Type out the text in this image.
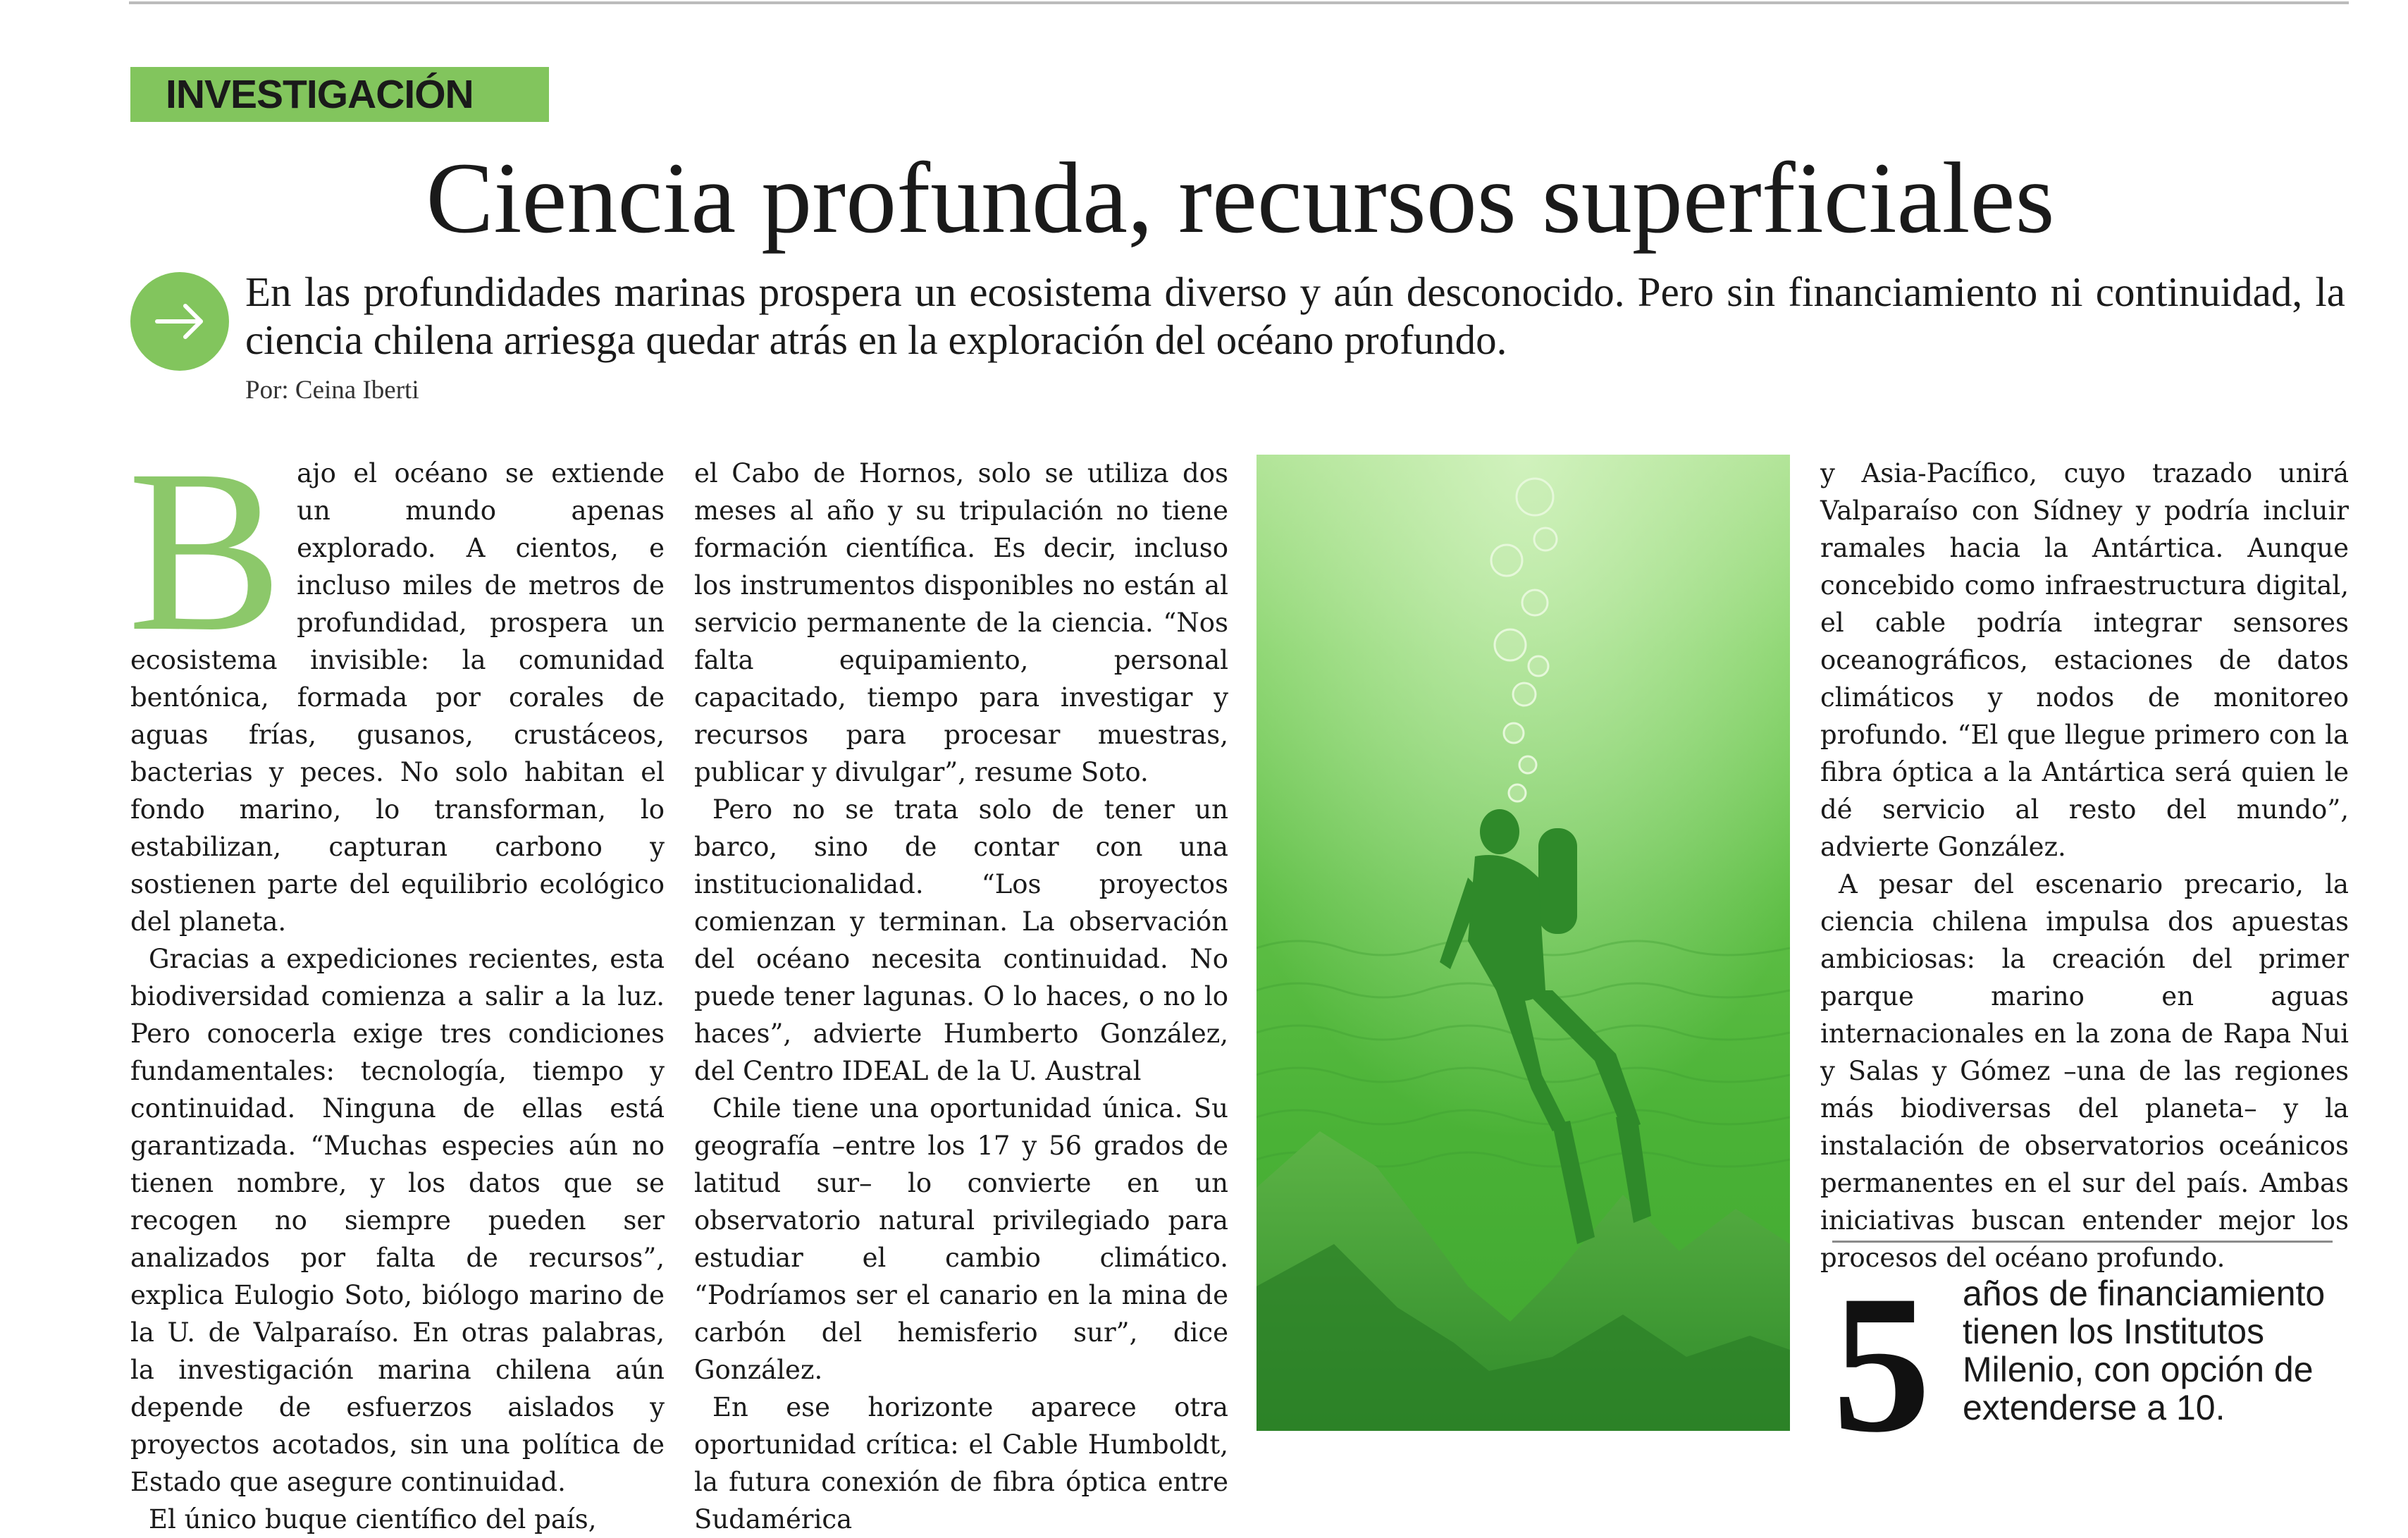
INVESTIGACIÓN
Ciencia profunda, recursos superficiales

En las profundidades marinas prospera un ecosistema diverso y aún desconocido. Pero sin financiamiento ni continuidad, la ciencia chilena arriesga quedar atrás en la exploración del océano profundo.

Por: Ceina Iberti

Bajo el océano se extiende un mundo apenas explorado. A cientos, e incluso miles de metros de profundidad, prospera un ecosistema invisible: la comunidad bentónica, formada por corales de aguas frías, gusanos, crustáceos, bacterias y peces. No solo habitan el fondo marino, lo transforman, lo estabilizan, capturan carbono y sostienen parte del equilibrio ecológico del planeta.

Gracias a expediciones recientes, esta biodiversidad comienza a salir a la luz. Pero conocerla exige tres condiciones fundamentales: tecnología, tiempo y continuidad. Ninguna de ellas está garantizada. “Muchas especies aún no tienen nombre, y los datos que se recogen no siempre pueden ser analizados por falta de recursos”, explica Eulogio Soto, biólogo marino de la U. de Valparaíso. En otras palabras, la investigación marina chilena aún depende de esfuerzos aislados y proyectos acotados, sin una política de Estado que asegure continuidad.

El único buque científico del país,

el Cabo de Hornos, solo se utiliza dos meses al año y su tripulación no tiene formación científica. Es decir, incluso los instrumentos disponibles no están al servicio permanente de la ciencia. “Nos falta equipamiento, personal capacitado, tiempo para investigar y recursos para procesar muestras, publicar y divulgar”, resume Soto.

Pero no se trata solo de tener un barco, sino de contar con una institucionalidad. “Los proyectos comienzan y terminan. La observación del océano necesita continuidad. No puede tener lagunas. O lo haces, o no lo haces”, advierte Humberto González, del Centro IDEAL de la U. Austral

Chile tiene una oportunidad única. Su geografía –entre los 17 y 56 grados de latitud sur– lo convierte en un observatorio natural privilegiado para estudiar el cambio climático. “Podríamos ser el canario en la mina de carbón del hemisferio sur”, dice González.

En ese horizonte aparece otra oportunidad crítica: el Cable Humboldt, la futura conexión de fibra óptica entre Sudamérica

y Asia-Pacífico, cuyo trazado unirá Valparaíso con Sídney y podría incluir ramales hacia la Antártica. Aunque concebido como infraestructura digital, el cable podría integrar sensores oceanográficos, estaciones de datos climáticos y nodos de monitoreo profundo. “El que llegue primero con la fibra óptica a la Antártica será quien le dé servicio al resto del mundo”, advierte González.

A pesar del escenario precario, la ciencia chilena impulsa dos apuestas ambiciosas: la creación del primer parque marino en aguas internacionales en la zona de Rapa Nui y Salas y Gómez –una de las regiones más biodiversas del planeta– y la instalación de observatorios oceánicos permanentes en el sur del país. Ambas iniciativas buscan entender mejor los procesos del océano profundo.

5 años de financiamiento tienen los Institutos Milenio, con opción de extenderse a 10.
